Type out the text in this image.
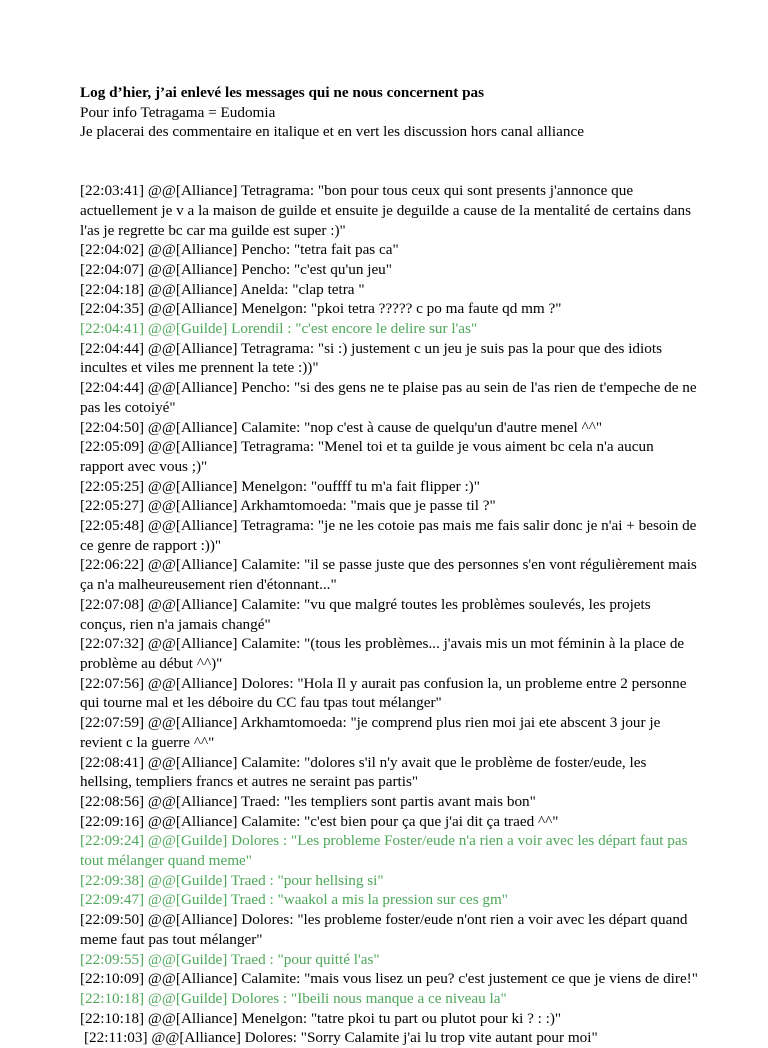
Log d’hier, j’ai enlevé les messages qui ne nous concernent pas
Pour info Tetragama = Eudomia
Je placerai des commentaire en italique et en vert les discussion hors canal alliance
[22:03:41] @@[Alliance] Tetragrama: "bon pour tous ceux qui sont presents j'annonce que actuellement je v a la maison de guilde et ensuite je deguilde a cause de la mentalité de certains dans l'as je regrette bc car ma guilde est super :)"
[22:04:02] @@[Alliance] Pencho: "tetra fait pas ca"
[22:04:07] @@[Alliance] Pencho: "c'est qu'un jeu"
[22:04:18] @@[Alliance] Anelda: "clap tetra "
[22:04:35] @@[Alliance] Menelgon: "pkoi tetra ????? c po ma faute qd mm ?"
[22:04:41] @@[Guilde] Lorendil : "c'est encore le delire sur l'as"
[22:04:44] @@[Alliance] Tetragrama: "si :) justement c un jeu je suis pas la pour que des idiots incultes et viles me prennent la tete :))"
[22:04:44] @@[Alliance] Pencho: "si des gens ne te plaise pas au sein de l'as rien de t'empeche de ne pas les cotoiyé"
[22:04:50] @@[Alliance] Calamite: "nop c'est à cause de quelqu'un d'autre menel ^^"
[22:05:09] @@[Alliance] Tetragrama: "Menel toi et ta guilde je vous aiment bc cela n'a aucun rapport avec vous ;)"
[22:05:25] @@[Alliance] Menelgon: "ouffff tu m'a fait flipper :)"
[22:05:27] @@[Alliance] Arkhamtomoeda: "mais que je passe til ?"
[22:05:48] @@[Alliance] Tetragrama: "je ne les cotoie pas mais me fais salir donc je n'ai + besoin de ce genre de rapport :))"
[22:06:22] @@[Alliance] Calamite: "il se passe juste que des personnes s'en vont régulièrement mais ça n'a malheureusement rien d'étonnant..."
[22:07:08] @@[Alliance] Calamite: "vu que malgré toutes les problèmes soulevés, les projets conçus, rien n'a jamais changé"
[22:07:32] @@[Alliance] Calamite: "(tous les problèmes... j'avais mis un mot féminin à la place de problème au début ^^)"
[22:07:56] @@[Alliance] Dolores: "Hola Il y aurait pas confusion la, un probleme entre 2 personne qui tourne mal et les déboire du CC fau tpas tout mélanger"
[22:07:59] @@[Alliance] Arkhamtomoeda: "je comprend plus rien moi jai ete abscent 3 jour je revient c la guerre ^^"
[22:08:41] @@[Alliance] Calamite: "dolores s'il n'y avait que le problème de foster/eude, les hellsing, templiers francs et autres ne seraint pas partis"
[22:08:56] @@[Alliance] Traed: "les templiers sont partis avant mais bon"
[22:09:16] @@[Alliance] Calamite: "c'est bien pour ça que j'ai dit ça traed ^^"
[22:09:24] @@[Guilde] Dolores : "Les probleme Foster/eude n'a rien a voir avec les départ faut pas tout mélanger quand meme"
[22:09:38] @@[Guilde] Traed : "pour hellsing si"
[22:09:47] @@[Guilde] Traed : "waakol a mis la pression sur ces gm"
[22:09:50] @@[Alliance] Dolores: "les probleme foster/eude n'ont rien a voir avec les départ quand meme faut pas tout mélanger"
[22:09:55] @@[Guilde] Traed : "pour quitté l'as"
[22:10:09] @@[Alliance] Calamite: "mais vous lisez un peu? c'est justement ce que je viens de dire!"
[22:10:18] @@[Guilde] Dolores : "Ibeili nous manque a ce niveau la"
[22:10:18] @@[Alliance] Menelgon: "tatre pkoi tu part ou plutot pour ki ? : :)"
[22:11:03] @@[Alliance] Dolores: "Sorry Calamite j'ai lu trop vite autant pour moi"
